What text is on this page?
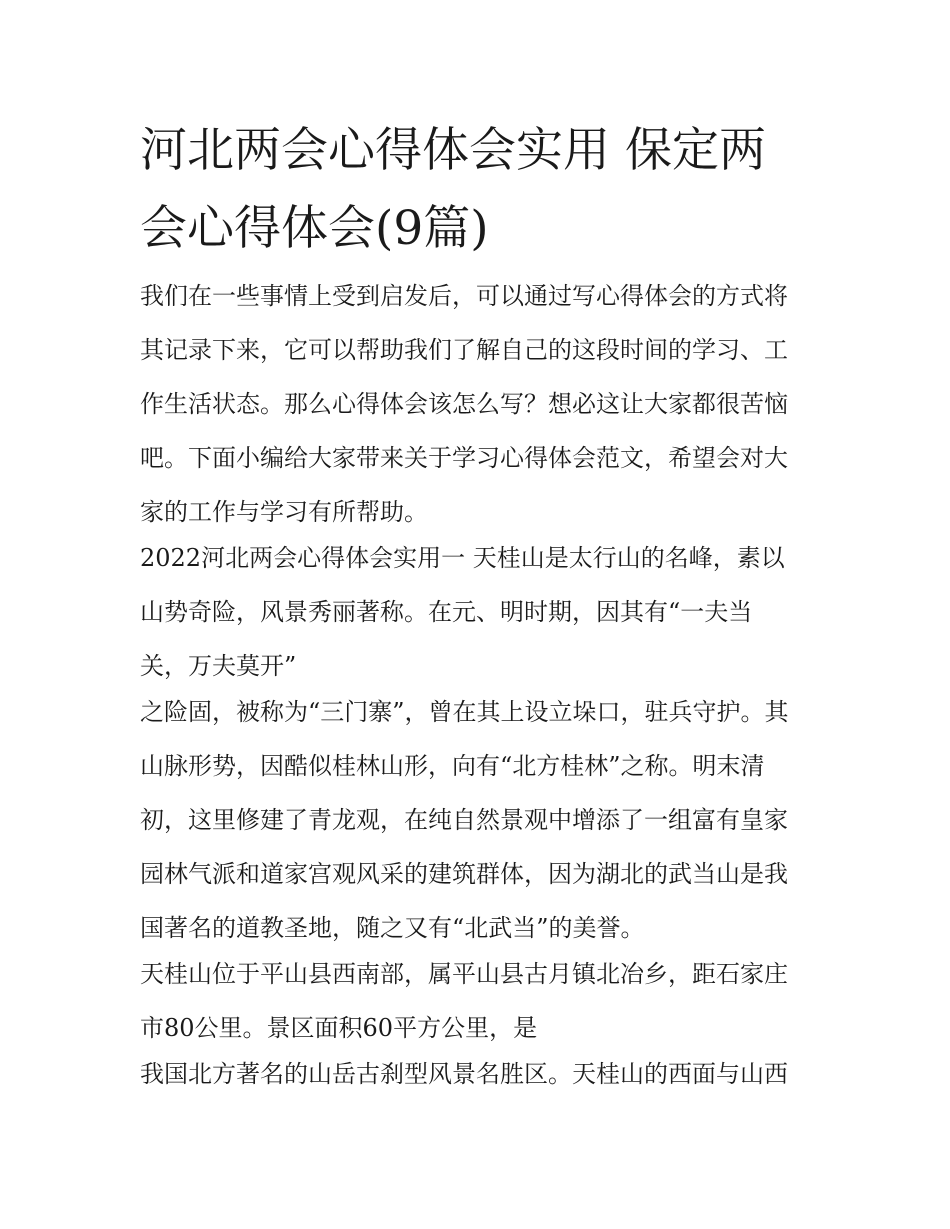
河北两会心得体会实用 保定两
会心得体会(9篇)
我们在一些事情上受到启发后，可以通过写心得体会的方式将
其记录下来，它可以帮助我们了解自己的这段时间的学习、工
作生活状态。那么心得体会该怎么写？想必这让大家都很苦恼
吧。下面小编给大家带来关于学习心得体会范文，希望会对大
家的工作与学习有所帮助。
2022河北两会心得体会实用一 天桂山是太行山的名峰，素以
山势奇险，风景秀丽著称。在元、明时期，因其有“一夫当
关，万夫莫开”
之险固，被称为“三门寨”，曾在其上设立垛口，驻兵守护。其
山脉形势，因酷似桂林山形，向有“北方桂林”之称。明末清
初，这里修建了青龙观，在纯自然景观中增添了一组富有皇家
园林气派和道家宫观风采的建筑群体，因为湖北的武当山是我
国著名的道教圣地，随之又有“北武当”的美誉。
天桂山位于平山县西南部，属平山县古月镇北冶乡，距石家庄
市80公里。景区面积60平方公里，是
我国北方著名的山岳古刹型风景名胜区。天桂山的西面与山西
